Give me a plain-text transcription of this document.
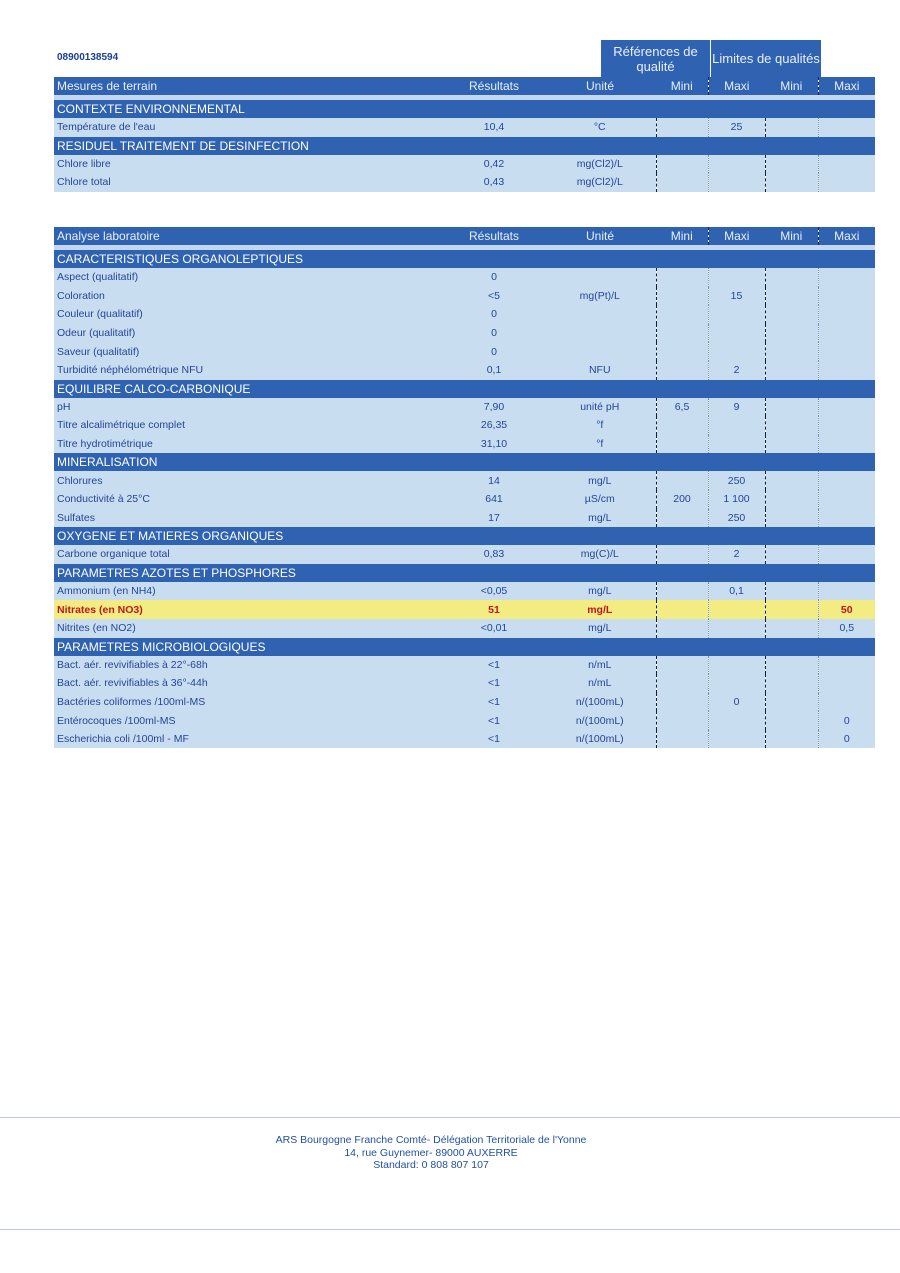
08900138594	Références de qualité	Limites de qualités
Mesures de terrain	Résultats	Unité	Mini	Maxi	Mini	Maxi

CONTEXTE ENVIRONNEMENTAL						
Température de l'eau	10,4	°C		25		
RESIDUEL TRAITEMENT DE DESINFECTION						
Chlore libre	0,42	mg(Cl2)/L				
Chlore total	0,43	mg(Cl2)/L				
Analyse laboratoire	Résultats	Unité	Mini	Maxi	Mini	Maxi

CARACTERISTIQUES ORGANOLEPTIQUES						
Aspect (qualitatif)	0					
Coloration	<5	mg(Pt)/L		15		
Couleur (qualitatif)	0					
Odeur (qualitatif)	0					
Saveur (qualitatif)	0					
Turbidité néphélométrique NFU	0,1	NFU		2		
EQUILIBRE CALCO-CARBONIQUE						
pH	7,90	unité pH	6,5	9		
Titre alcalimétrique complet	26,35	°f				
Titre hydrotimétrique	31,10	°f				
MINERALISATION						
Chlorures	14	mg/L		250		
Conductivité à 25°C	641	µS/cm	200	1 100		
Sulfates	17	mg/L		250		
OXYGENE ET MATIERES ORGANIQUES						
Carbone organique total	0,83	mg(C)/L		2		
PARAMETRES AZOTES ET PHOSPHORES						
Ammonium (en NH4)	<0,05	mg/L		0,1		
Nitrates (en NO3)	51	mg/L				50
Nitrites (en NO2)	<0,01	mg/L				0,5
PARAMETRES MICROBIOLOGIQUES						
Bact. aér. revivifiables à 22°-68h	<1	n/mL				
Bact. aér. revivifiables à 36°-44h	<1	n/mL				
Bactéries coliformes /100ml-MS	<1	n/(100mL)		0		
Entérocoques /100ml-MS	<1	n/(100mL)				0
Escherichia coli /100ml - MF	<1	n/(100mL)				0
ARS Bourgogne Franche Comté- Délégation Territoriale de l'Yonne
14, rue Guynemer- 89000 AUXERRE
Standard: 0 808 807 107
